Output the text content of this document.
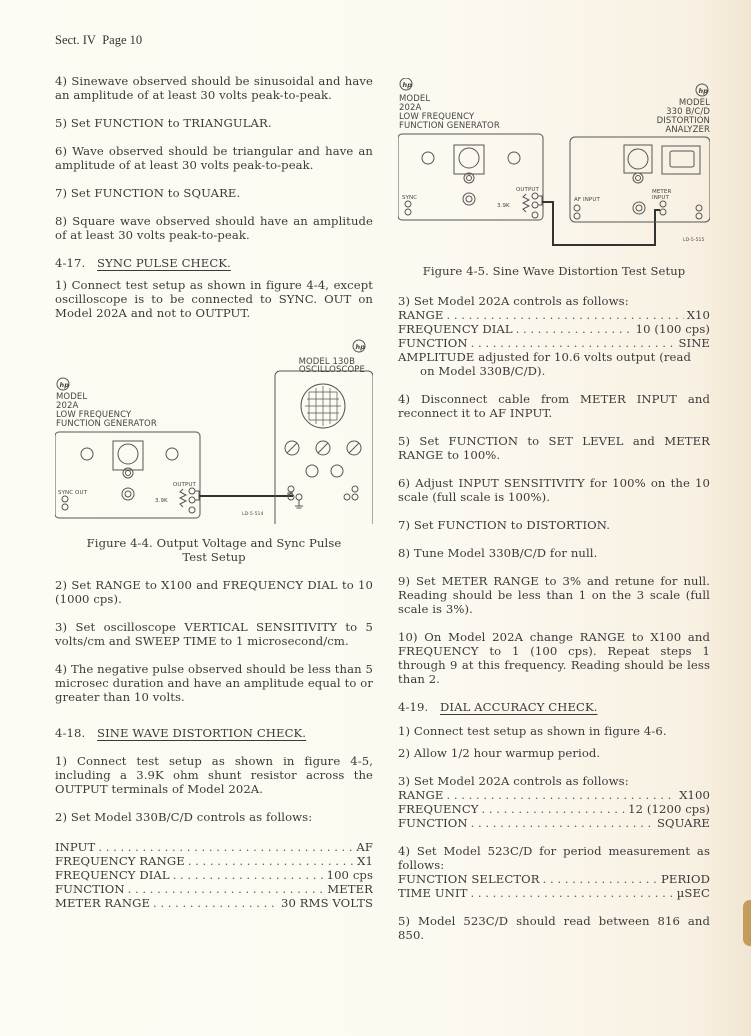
Sect. IV Page 10

4) Sinewave observed should be sinusoidal and have an amplitude of at least 30 volts peak-to-peak.

5) Set FUNCTION to TRIANGULAR.

6) Wave observed should be triangular and have an amplitude of at least 30 volts peak-to-peak.

7) Set FUNCTION to SQUARE.

8) Square wave observed should have an amplitude of at least 30 volts peak-to-peak.

4-17. SYNC PULSE CHECK.

1) Connect test setup as shown in figure 4-4, except oscilloscope is to be connected to SYNC. OUT on Model 202A and not to OUTPUT.

hp
hp
MODEL 130B
OSCILLOSCOPE
MODEL
202A
LOW FREQUENCY
FUNCTION GENERATOR
SYNC OUT
OUTPUT
3.9K
LD-5-514
Figure 4-4. Output Voltage and Sync Pulse
Test Setup

2) Set RANGE to X100 and FREQUENCY DIAL to 10 (1000 cps).

3) Set oscilloscope VERTICAL SENSITIVITY to 5 volts/cm and SWEEP TIME to 1 microsecond/cm.

4) The negative pulse observed should be less than 5 microsec duration and have an amplitude equal to or greater than 10 volts.

4-18. SINE WAVE DISTORTION CHECK.

1) Connect test setup as shown in figure 4-5, including a 3.9K ohm shunt resistor across the OUTPUT terminals of Model 202A.

2) Set Model 330B/C/D controls as follows:

INPUT . . .	AF
FREQUENCY RANGE . . .	X1
FREQUENCY DIAL . . .	100 cps
FUNCTION . . .	METER
METER RANGE . . .	30 RMS VOLTS
hp
hp
MODEL
202A
LOW FREQUENCY
FUNCTION GENERATOR
MODEL
330 B/C/D
DISTORTION
ANALYZER
SYNC
OUTPUT
3.9K
AF INPUT
METER
INPUT
LD-5-515
Figure 4-5. Sine Wave Distortion Test Setup
3) Set Model 202A controls as follows:
RANGE . . .	X10
FREQUENCY DIAL . . .	10 (100 cps)
FUNCTION . . .	SINE
AMPLITUDE adjusted for 10.6 volts output (read
on Model 330B/C/D).

4) Disconnect cable from METER INPUT and reconnect it to AF INPUT.

5) Set FUNCTION to SET LEVEL and METER RANGE to 100%.

6) Adjust INPUT SENSITIVITY for 100% on the 10 scale (full scale is 100%).

7) Set FUNCTION to DISTORTION.

8) Tune Model 330B/C/D for null.

9) Set METER RANGE to 3% and retune for null. Reading should be less than 1 on the 3 scale (full scale is 3%).

10) On Model 202A change RANGE to X100 and FREQUENCY to 1 (100 cps). Repeat steps 1 through 9 at this frequency. Reading should be less than 2.

4-19. DIAL ACCURACY CHECK.

1) Connect test setup as shown in figure 4-6.

2) Allow 1/2 hour warmup period.

3) Set Model 202A controls as follows:
RANGE . . .	X100
FREQUENCY . . .	12 (1200 cps)
FUNCTION . . .	SQUARE
4) Set Model 523C/D for period measurement as follows:
FUNCTION SELECTOR . . .	PERIOD
TIME UNIT . . .	µSEC

5) Model 523C/D should read between 816 and 850.
